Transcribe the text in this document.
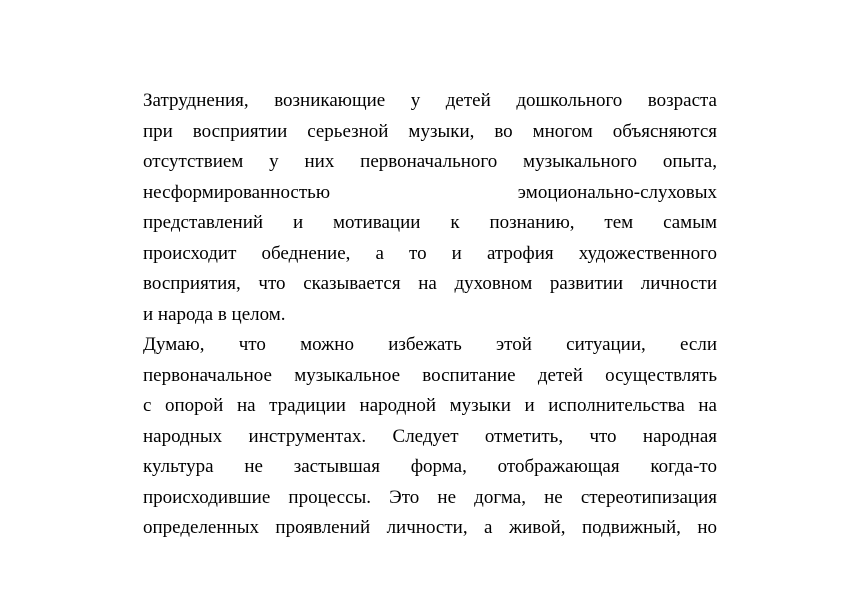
Затруднения, возникающие у детей дошкольного возраста
при восприятии серьезной музыки, во многом объясняются
отсутствием у них первоначального музыкального опыта,
несформированностью эмоционально-слуховых
представлений и мотивации к познанию, тем самым
происходит обеднение, а то и атрофия художественного
восприятия, что сказывается на духовном развитии личности
и народа в целом.
Думаю, что можно избежать этой ситуации, если
первоначальное музыкальное воспитание детей осуществлять
с опорой на традиции народной музыки и исполнительства на
народных инструментах. Следует отметить, что народная
культура не застывшая форма, отображающая когда-то
происходившие процессы. Это не догма, не стереотипизация
определенных проявлений личности, а живой, подвижный, но
